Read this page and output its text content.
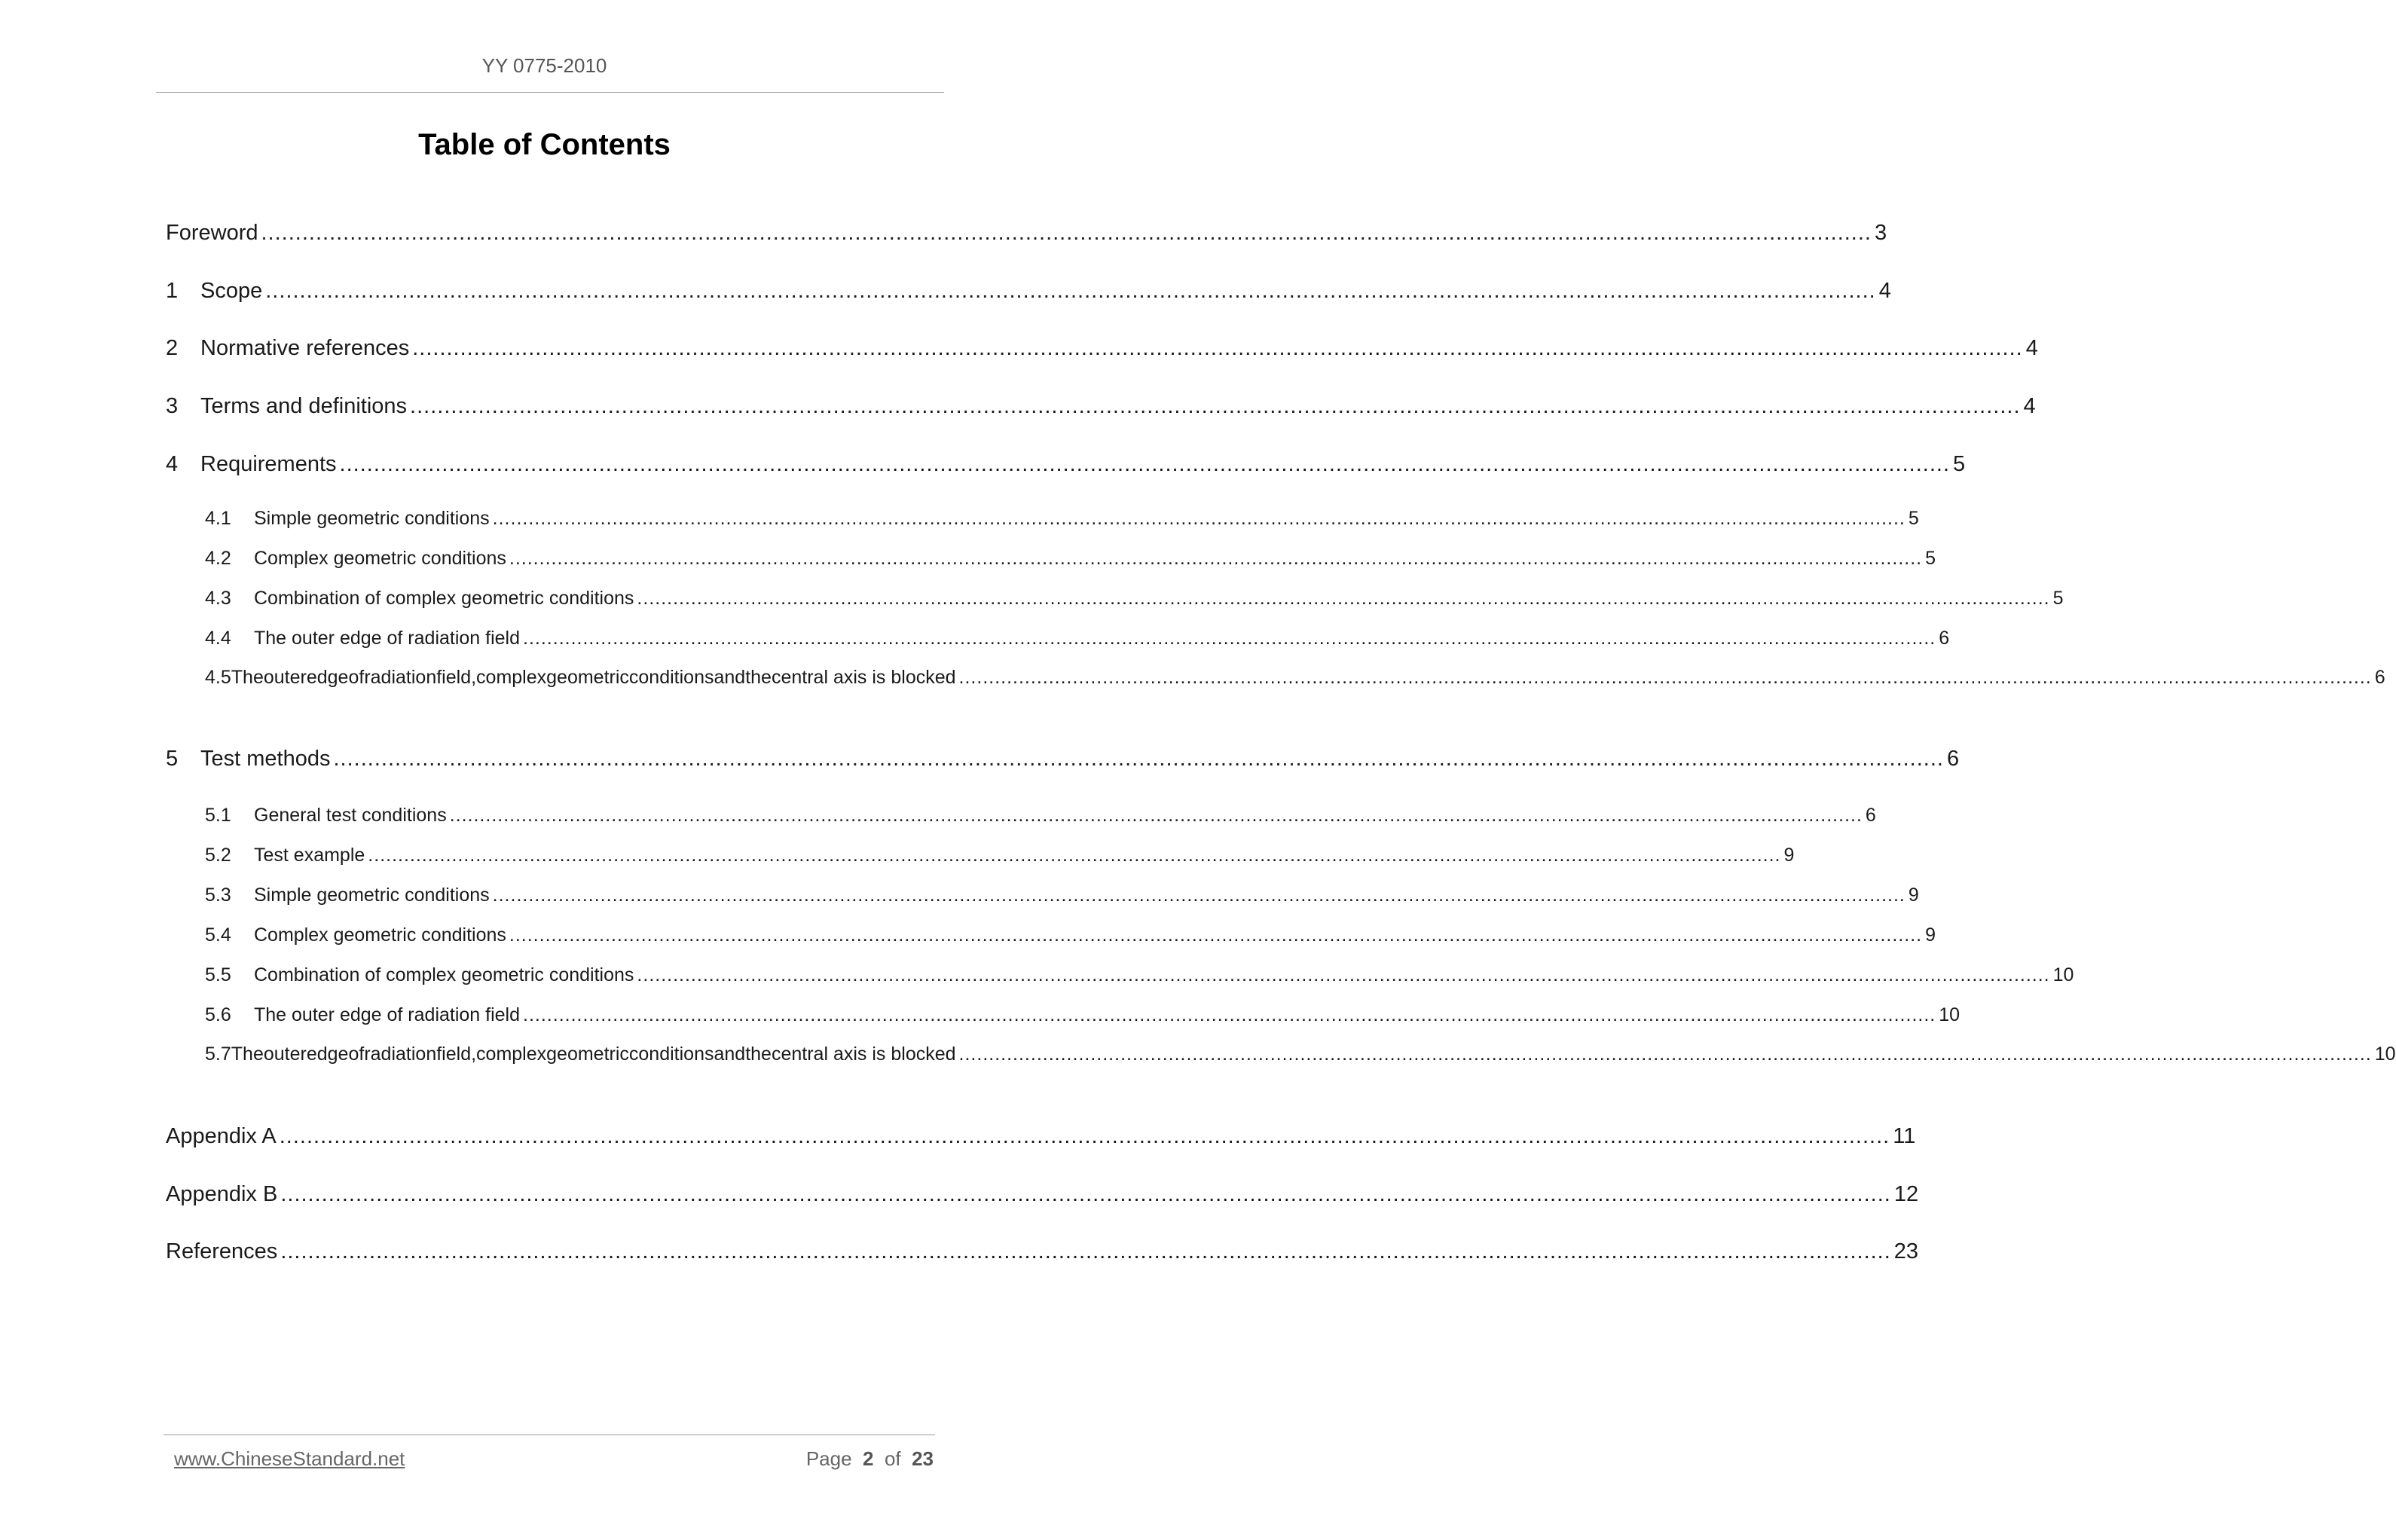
YY 0775-2010
Table of Contents
Foreword .....	3
1	Scope .....	4
2	Normative references .....	4
3	Terms and definitions .....	4
4	Requirements .....	5
4.1	Simple geometric conditions .....	5
4.2	Complex geometric conditions .....	5
4.3	Combination of complex geometric conditions .....	5
4.4	The outer edge of radiation field .....	6
4.5 The outer edge of radiation field, complex geometric conditions and the central axis is blocked .....	6
5	Test methods .....	6
5.1	General test conditions .....	6
5.2	Test example .....	9
5.3	Simple geometric conditions .....	9
5.4	Complex geometric conditions .....	9
5.5	Combination of complex geometric conditions .....	10
5.6	The outer edge of radiation field .....	10
5.7 The outer edge of radiation field, complex geometric conditions and the central axis is blocked .....	10
Appendix A .....	11
Appendix B .....	12
References .....	23
www.ChineseStandard.net	Page 2 of 23
